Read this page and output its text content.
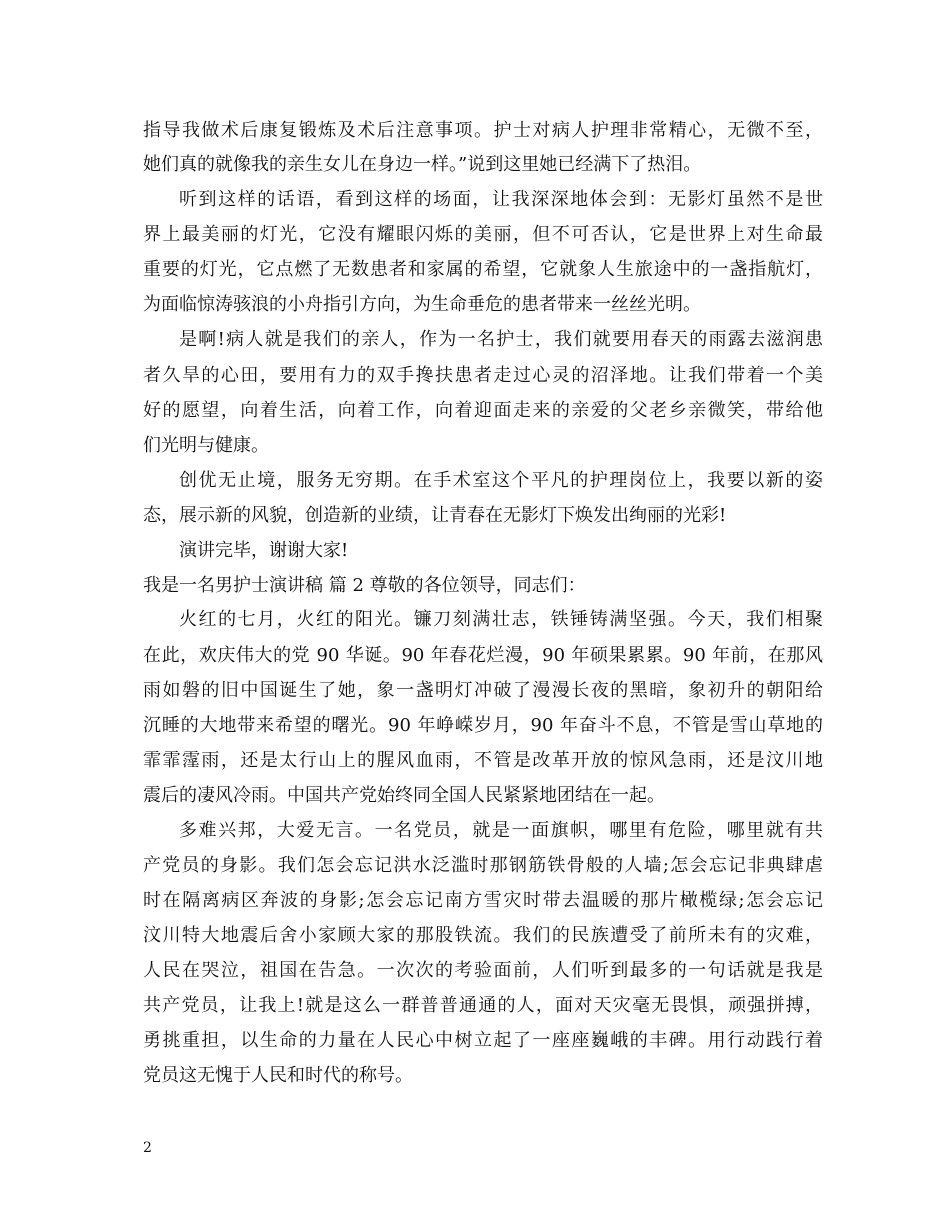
指导我做术后康复锻炼及术后注意事项。护士对病人护理非常精心，无微不至，
她们真的就像我的亲生女儿在身边一样。”说到这里她已经满下了热泪。
听到这样的话语，看到这样的场面，让我深深地体会到：无影灯虽然不是世
界上最美丽的灯光，它没有耀眼闪烁的美丽，但不可否认，它是世界上对生命最
重要的灯光，它点燃了无数患者和家属的希望，它就象人生旅途中的一盏指航灯，
为面临惊涛骇浪的小舟指引方向，为生命垂危的患者带来一丝丝光明。
是啊!病人就是我们的亲人，作为一名护士，我们就要用春天的雨露去滋润患
者久旱的心田，要用有力的双手搀扶患者走过心灵的沼泽地。让我们带着一个美
好的愿望，向着生活，向着工作，向着迎面走来的亲爱的父老乡亲微笑，带给他
们光明与健康。
创优无止境，服务无穷期。在手术室这个平凡的护理岗位上，我要以新的姿
态，展示新的风貌，创造新的业绩，让青春在无影灯下焕发出绚丽的光彩!
演讲完毕，谢谢大家!
我是一名男护士演讲稿 篇 2 尊敬的各位领导，同志们：
火红的七月，火红的阳光。镰刀刻满壮志，铁锤铸满坚强。今天，我们相聚
在此，欢庆伟大的党 90 华诞。90 年春花烂漫，90 年硕果累累。90 年前，在那风
雨如磐的旧中国诞生了她，象一盏明灯冲破了漫漫长夜的黑暗，象初升的朝阳给
沉睡的大地带来希望的曙光。90 年峥嵘岁月，90 年奋斗不息，不管是雪山草地的
霏霏霪雨，还是太行山上的腥风血雨，不管是改革开放的惊风急雨，还是汶川地
震后的凄风冷雨。中国共产党始终同全国人民紧紧地团结在一起。
多难兴邦，大爱无言。一名党员，就是一面旗帜，哪里有危险，哪里就有共
产党员的身影。我们怎会忘记洪水泛滥时那钢筋铁骨般的人墙;怎会忘记非典肆虐
时在隔离病区奔波的身影;怎会忘记南方雪灾时带去温暖的那片橄榄绿;怎会忘记
汶川特大地震后舍小家顾大家的那股铁流。我们的民族遭受了前所未有的灾难，
人民在哭泣，祖国在告急。一次次的考验面前，人们听到最多的一句话就是我是
共产党员，让我上!就是这么一群普普通通的人，面对天灾毫无畏惧，顽强拼搏，
勇挑重担，以生命的力量在人民心中树立起了一座座巍峨的丰碑。用行动践行着
党员这无愧于人民和时代的称号。
2
